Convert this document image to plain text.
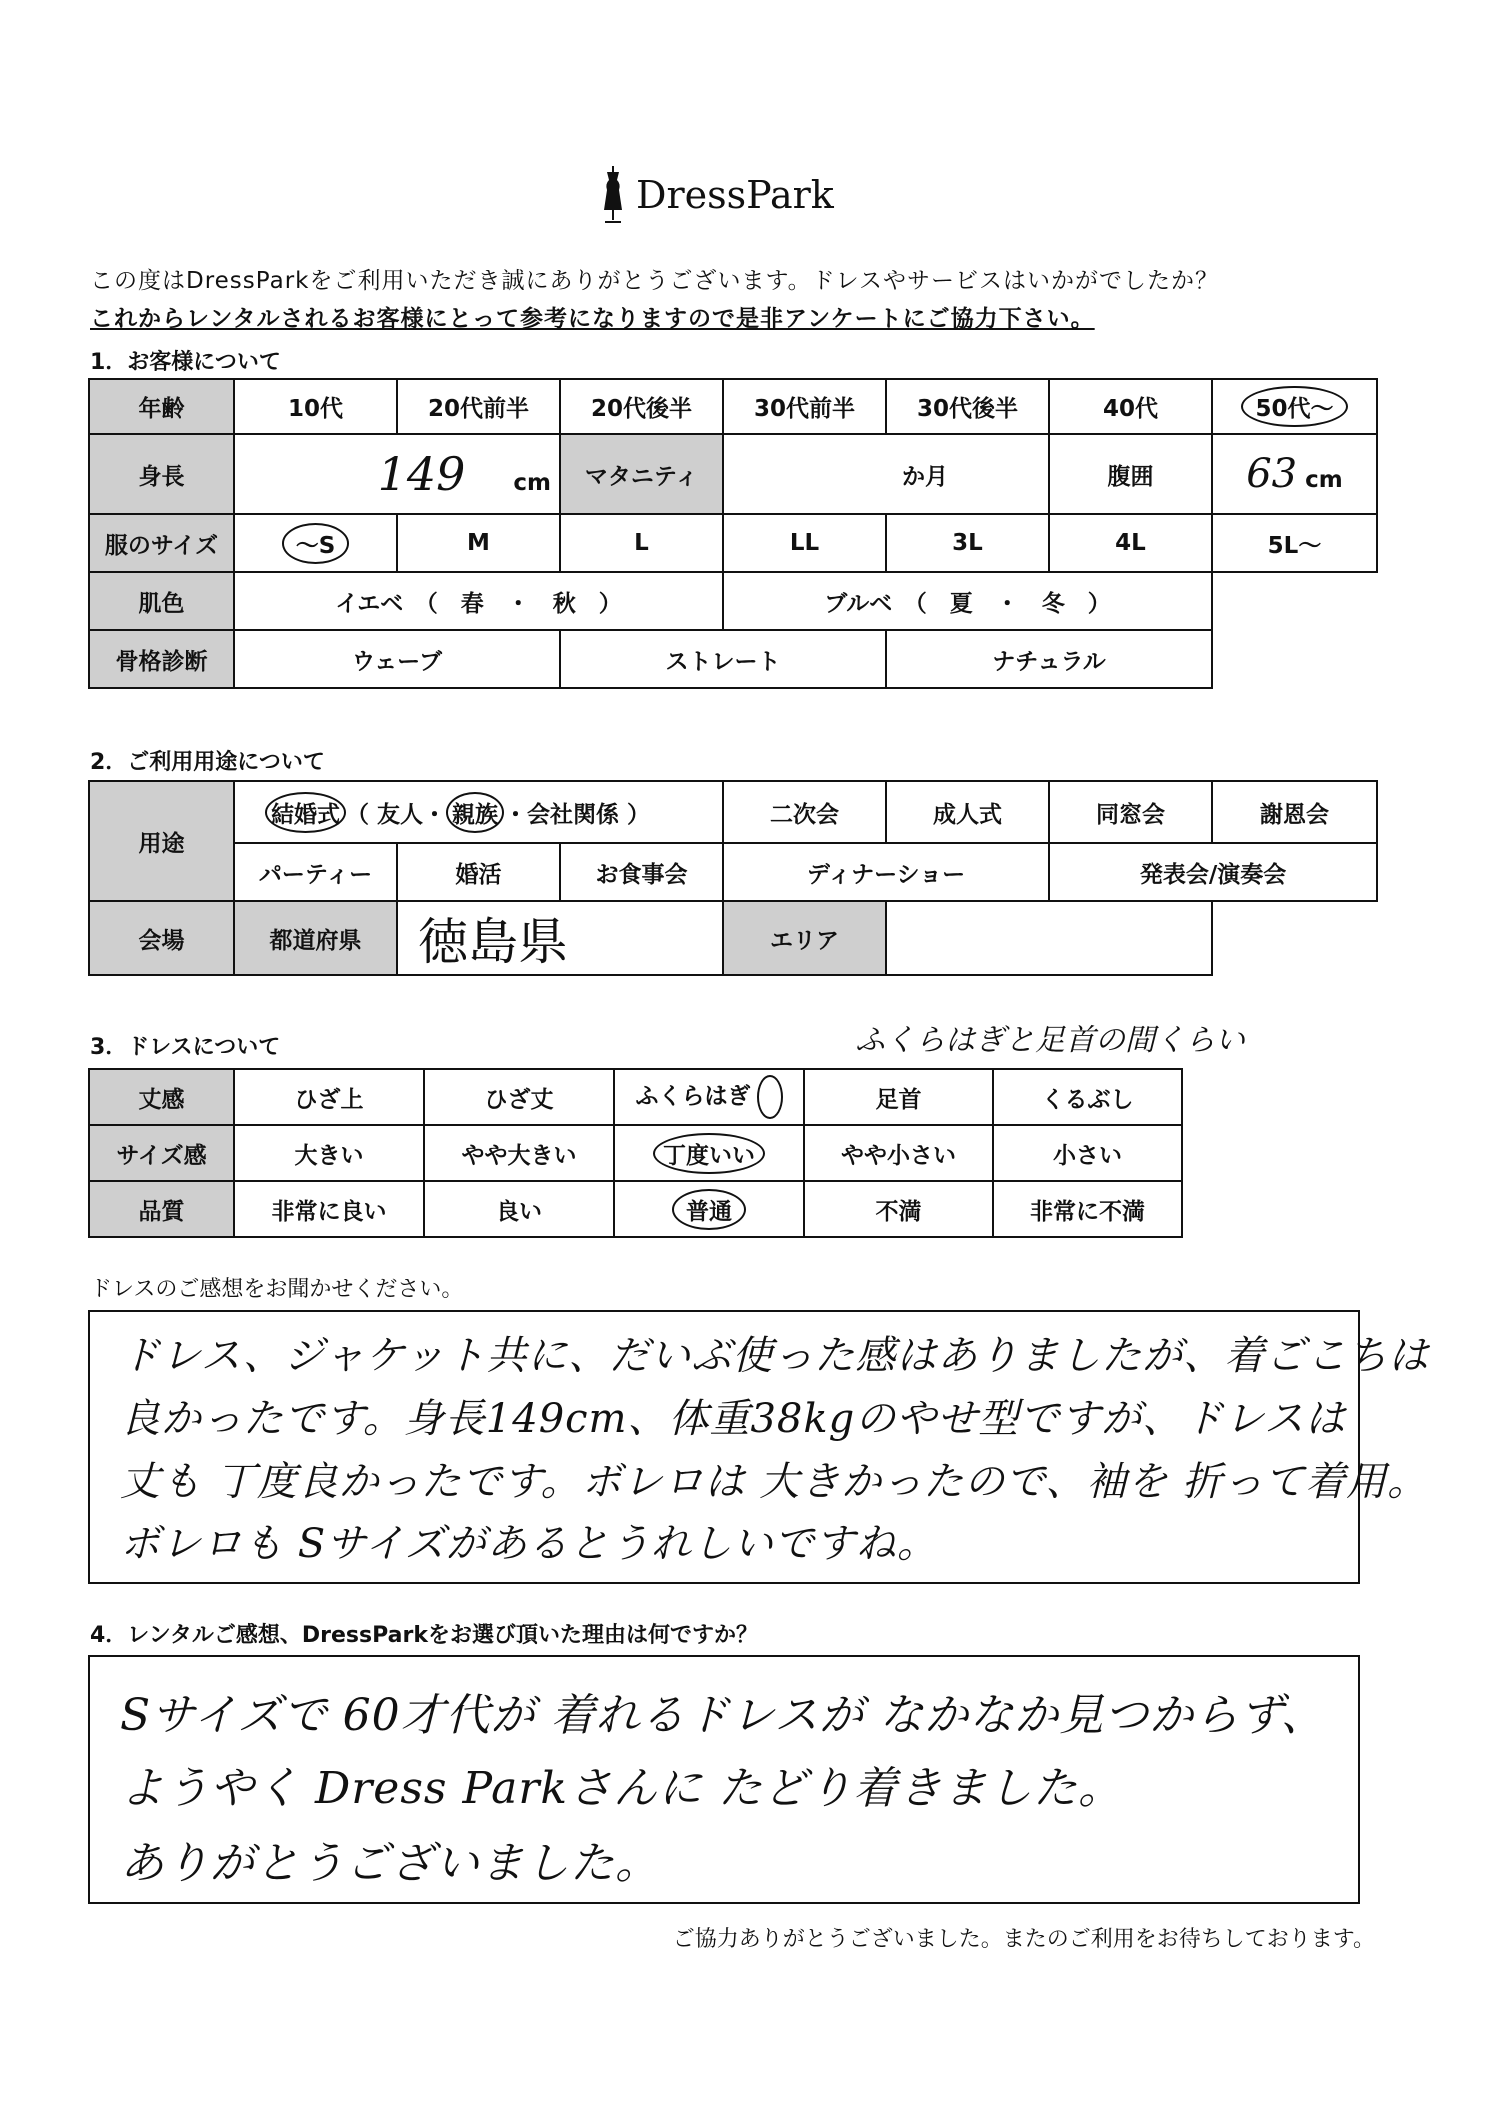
DressPark
この度はDressParkをご利用いただき誠にありがとうございます。ドレスやサービスはいかがでしたか？
これからレンタルされるお客様にとって参考になりますので是非アンケートにご協力下さい。
1．お客様について
年齢	10代	20代前半	20代後半	30代前半	30代後半	40代	50代～
身長	149 cm		マタニティ	か月		腹囲	63 cm
服のサイズ	～S	M	L	LL	3L	4L	5L～
肌色	イエベ　（　春　・　秋　）			ブルベ　（　夏　・　冬　）			
骨格診断	ウェーブ		ストレート		ナチュラル		
2．ご利用用途について
用途	結婚式 （ 友人・ 親族 ・会社関係 ）			二次会	成人式	同窓会	謝恩会
	パーティー	婚活	お食事会	ディナーショー		発表会/演奏会	
会場	都道府県	徳島県		エリア			
3．ドレスについて	ふくらはぎと足首の間くらい
丈感	ひざ上	ひざ丈	ふくらはぎ	足首	くるぶし
サイズ感	大きい	やや大きい	丁度いい	やや小さい	小さい
品質	非常に良い	良い	普通	不満	非常に不満
ドレスのご感想をお聞かせください。
ドレス、ジャケット共に、だいぶ使った感はありましたが、着ごこちは
良かったです。身長149cm、体重38kgのやせ型ですが、ドレスは
丈も 丁度良かったです。ボレロは 大きかったので、袖を 折って着用。
ボレロも Sサイズがあるとうれしいですね。
4．レンタルご感想、DressParkをお選び頂いた理由は何ですか？
Sサイズで 60才代が 着れるドレスが なかなか見つからず、
ようやく Dress Parkさんに たどり着きました。
ありがとうございました。
ご協力ありがとうございました。またのご利用をお待ちしております。
